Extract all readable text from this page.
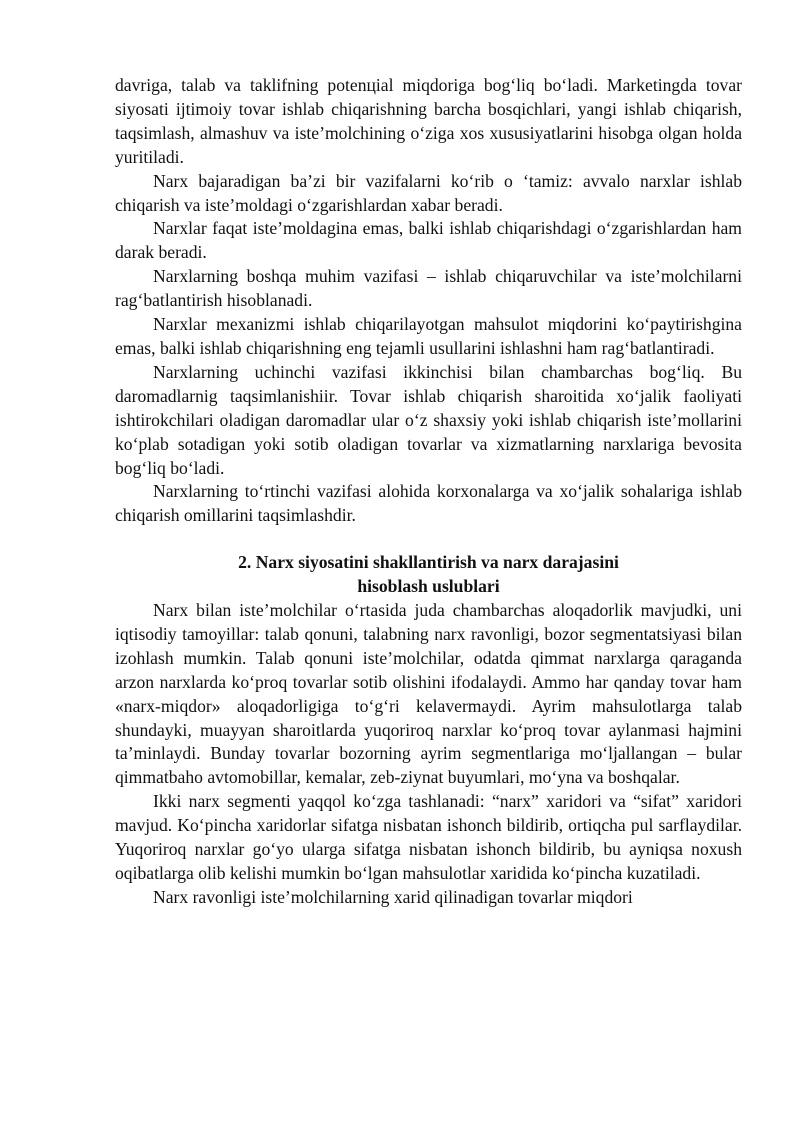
davriga, talab va taklifning potenцial miqdoriga bog‘liq bo‘ladi. Marketingda tovar siyosati ijtimoiy tovar ishlab chiqarishning barcha bosqichlari, yangi ishlab chiqarish, taqsimlash, almashuv va iste’molchining o‘ziga xos xususiyatlarini hisobga olgan holda yuritiladi.

Narx bajaradigan ba’zi bir vazifalarni ko‘rib o ‘tamiz: avvalo narxlar ishlab chiqarish va iste’moldagi o‘zgarishlardan xabar beradi.

Narxlar faqat iste’moldagina emas, balki ishlab chiqarishdagi o‘zgarishlardan ham darak beradi.

Narxlarning boshqa muhim vazifasi – ishlab chiqaruvchilar va iste’molchilarni rag‘batlantirish hisoblanadi.

Narxlar mexanizmi ishlab chiqarilayotgan mahsulot miqdorini ko‘paytirishgina emas, balki ishlab chiqarishning eng tejamli usullarini ishlashni ham rag‘batlantiradi.

Narxlarning uchinchi vazifasi ikkinchisi bilan chambarchas bog‘liq. Bu daromadlarnig taqsimlanishiir. Tovar ishlab chiqarish sharoitida xo‘jalik faoliyati ishtirokchilari oladigan daromadlar ular o‘z shaxsiy yoki ishlab chiqarish iste’mollarini ko‘plab sotadigan yoki sotib oladigan tovarlar va xizmatlarning narxlariga bevosita bog‘liq bo‘ladi.

Narxlarning to‘rtinchi vazifasi alohida korxonalarga va xo‘jalik sohalariga ishlab chiqarish omillarini taqsimlashdir.

2. Narx siyosatini shakllantirish va narx darajasini
hisoblash uslublari

Narx bilan iste’molchilar o‘rtasida juda chambarchas aloqadorlik mavjudki, uni iqtisodiy tamoyillar: talab qonuni, talabning narx ravonligi, bozor segmentatsiyasi bilan izohlash mumkin. Talab qonuni iste’molchilar, odatda qimmat narxlarga qaraganda arzon narxlarda ko‘proq tovarlar sotib olishini ifodalaydi. Ammo har qanday tovar ham «narx-miqdor» aloqadorligiga to‘g‘ri kelavermaydi. Ayrim mahsulotlarga talab shundayki, muayyan sharoitlarda yuqoriroq narxlar ko‘proq tovar aylanmasi hajmini ta’minlaydi. Bunday tovarlar bozorning ayrim segmentlariga mo‘ljallangan – bular qimmatbaho avtomobillar, kemalar, zeb-ziynat buyumlari, mo‘yna va boshqalar.

Ikki narx segmenti yaqqol ko‘zga tashlanadi: “narx” xaridori va “sifat” xaridori mavjud. Ko‘pincha xaridorlar sifatga nisbatan ishonch bildirib, ortiqcha pul sarflaydilar. Yuqoriroq narxlar go‘yo ularga sifatga nisbatan ishonch bildirib, bu ayniqsa noxush oqibatlarga olib kelishi mumkin bo‘lgan mahsulotlar xaridida ko‘pincha kuzatiladi.

Narx ravonligi iste’molchilarning xarid qilinadigan tovarlar miqdori
